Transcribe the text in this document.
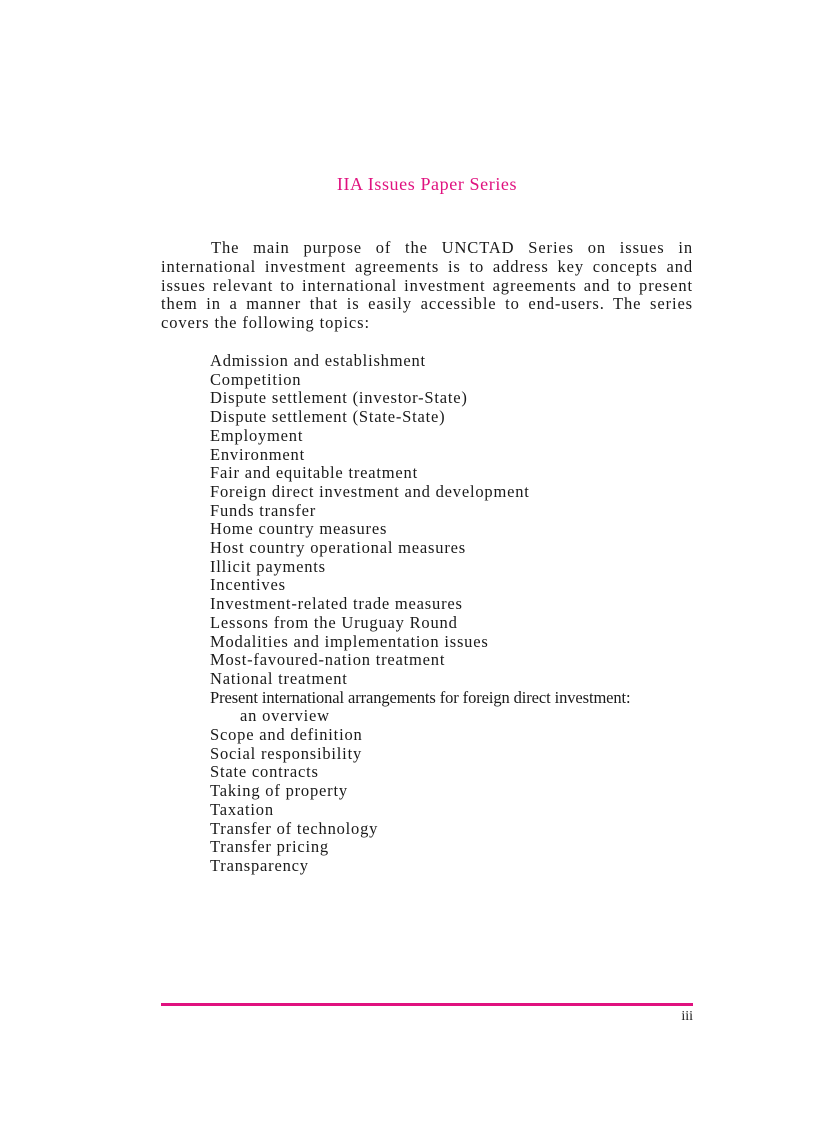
IIA Issues Paper Series

The main purpose of the UNCTAD Series on issues in international investment agreements is to address key concepts and issues relevant to international investment agreements and to present them in a manner that is easily accessible to end-users. The series covers the following topics:

Admission and establishment
Competition
Dispute settlement (investor-State)
Dispute settlement (State-State)
Employment
Environment
Fair and equitable treatment
Foreign direct investment and development
Funds transfer
Home country measures
Host country operational measures
Illicit payments
Incentives
Investment-related trade measures
Lessons from the Uruguay Round
Modalities and implementation issues
Most-favoured-nation treatment
National treatment
Present international arrangements for foreign direct investment:
an overview
Scope and definition
Social responsibility
State contracts
Taking of property
Taxation
Transfer of technology
Transfer pricing
Transparency
iii
